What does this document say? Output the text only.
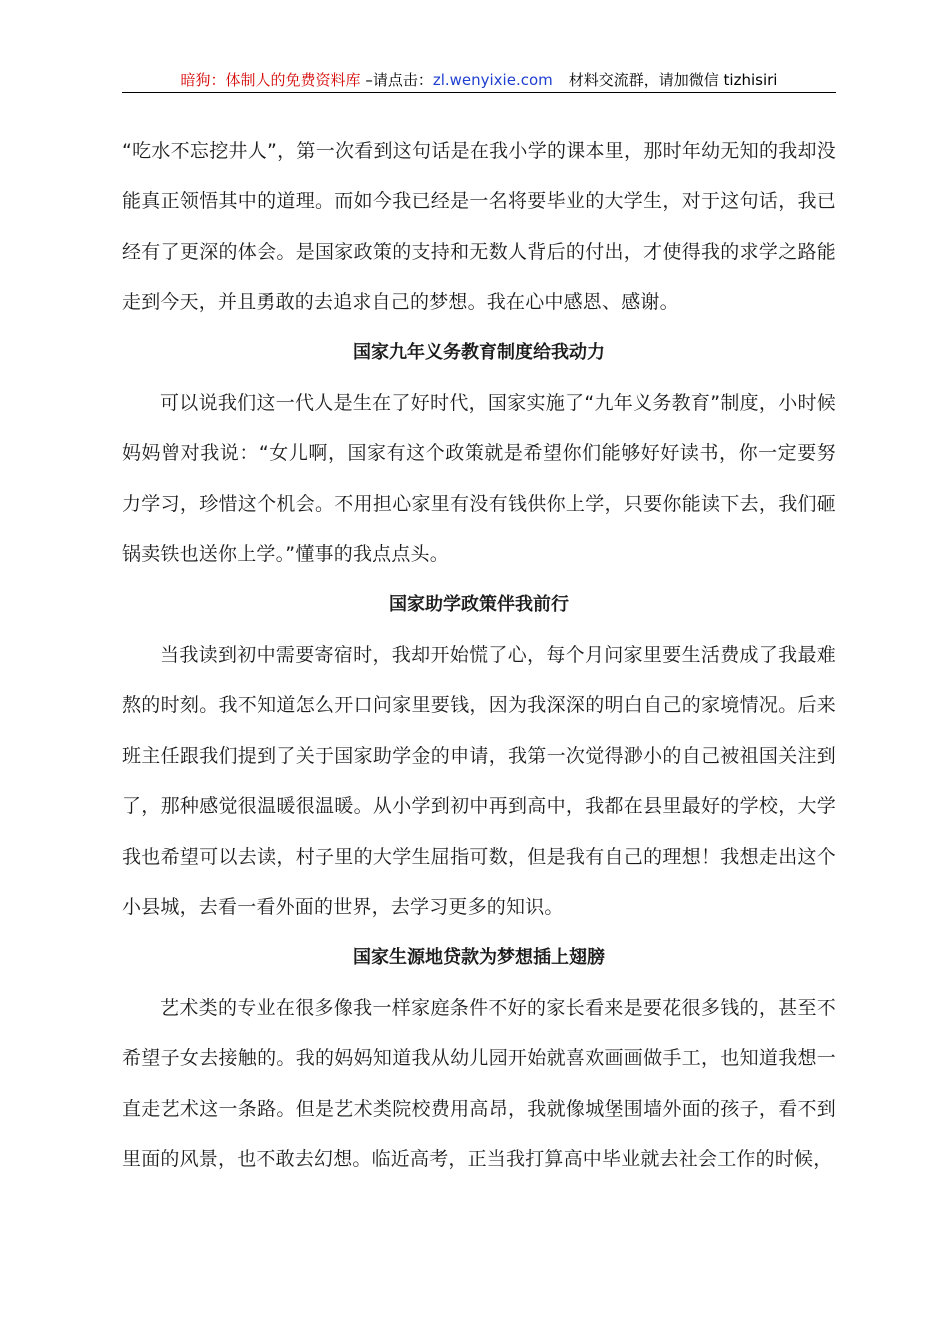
暗狗：体制人的免费资料库 –请点击：zl.wenyixie.com 材料交流群，请加微信 tizhisiri

“吃水不忘挖井人”，第一次看到这句话是在我小学的课本里，那时年幼无知的我却没能真正领悟其中的道理。而如今我已经是一名将要毕业的大学生，对于这句话，我已经有了更深的体会。是国家政策的支持和无数人背后的付出，才使得我的求学之路能走到今天，并且勇敢的去追求自己的梦想。我在心中感恩、感谢。

国家九年义务教育制度给我动力

可以说我们这一代人是生在了好时代，国家实施了“九年义务教育”制度，小时候妈妈曾对我说：“女儿啊，国家有这个政策就是希望你们能够好好读书，你一定要努力学习，珍惜这个机会。不用担心家里有没有钱供你上学，只要你能读下去，我们砸锅卖铁也送你上学。”懂事的我点点头。

国家助学政策伴我前行

当我读到初中需要寄宿时，我却开始慌了心，每个月问家里要生活费成了我最难熬的时刻。我不知道怎么开口问家里要钱，因为我深深的明白自己的家境情况。后来班主任跟我们提到了关于国家助学金的申请，我第一次觉得渺小的自己被祖国关注到了，那种感觉很温暖很温暖。从小学到初中再到高中，我都在县里最好的学校，大学我也希望可以去读，村子里的大学生屈指可数，但是我有自己的理想！我想走出这个小县城，去看一看外面的世界，去学习更多的知识。

国家生源地贷款为梦想插上翅膀

艺术类的专业在很多像我一样家庭条件不好的家长看来是要花很多钱的，甚至不希望子女去接触的。我的妈妈知道我从幼儿园开始就喜欢画画做手工，也知道我想一直走艺术这一条路。但是艺术类院校费用高昂，我就像城堡围墙外面的孩子，看不到里面的风景，也不敢去幻想。临近高考，正当我打算高中毕业就去社会工作的时候，
